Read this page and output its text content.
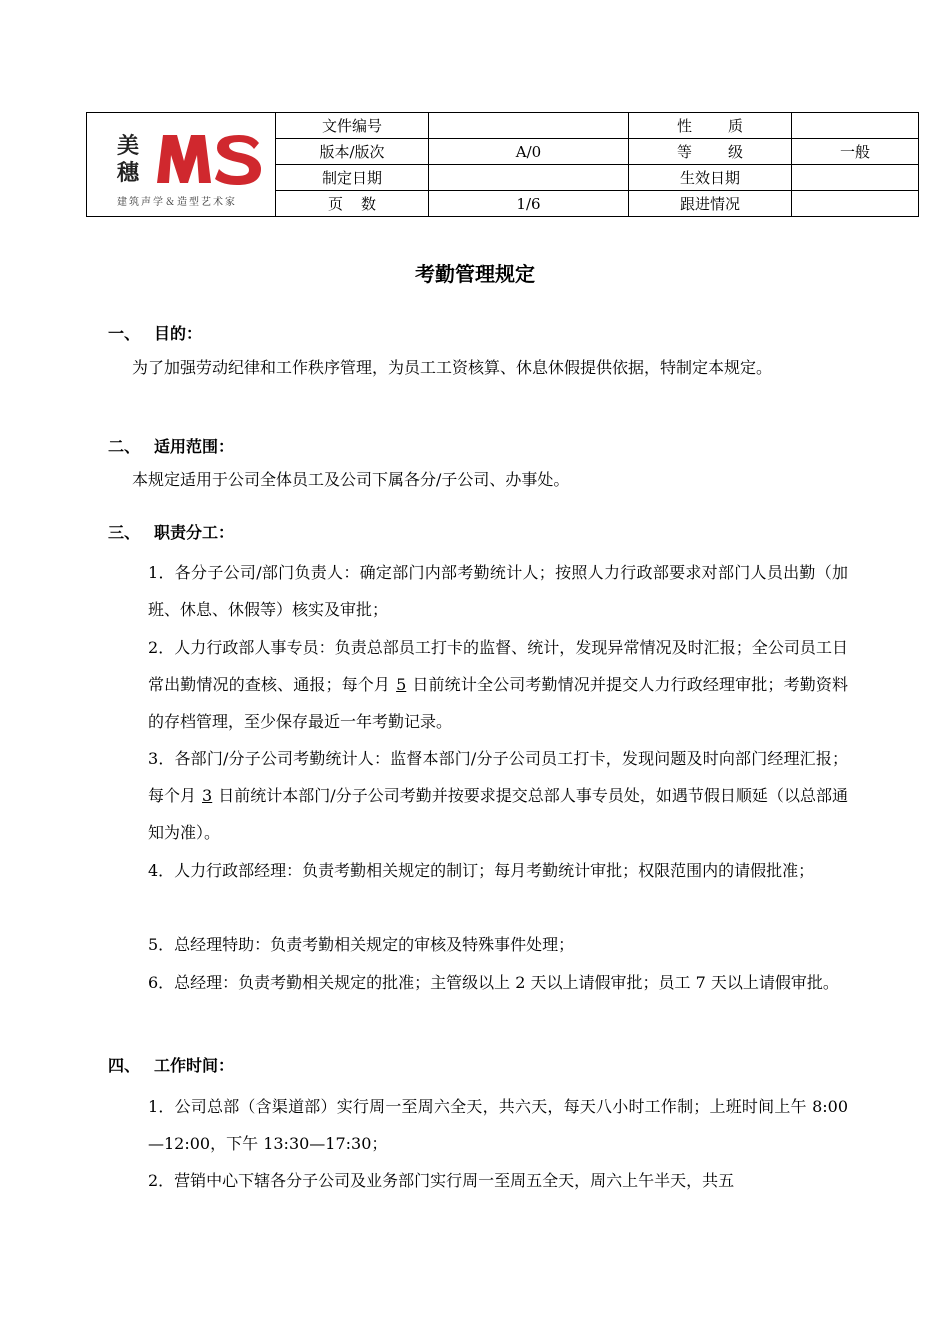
美
穗
建筑声学＆造型艺术家	文件编号		性质	
	版本/版次	A/0	等级	一般
	制定日期		生效日期	
	页数	1/6	跟进情况	
考勤管理规定
一、 目的：
为了加强劳动纪律和工作秩序管理，为员工工资核算、休息休假提供依据，特制定本规定。
二、 适用范围：
本规定适用于公司全体员工及公司下属各分/子公司、办事处。
三、 职责分工：
1．各分子公司/部门负责人：确定部门内部考勤统计人；按照人力行政部要求对部门人员出勤（加班、休息、休假等）核实及审批；
2．人力行政部人事专员：负责总部员工打卡的监督、统计，发现异常情况及时汇报；全公司员工日常出勤情况的查核、通报；每个月 5 日前统计全公司考勤情况并提交人力行政经理审批；考勤资料的存档管理，至少保存最近一年考勤记录。
3．各部门/分子公司考勤统计人：监督本部门/分子公司员工打卡，发现问题及时向部门经理汇报；每个月 3 日前统计本部门/分子公司考勤并按要求提交总部人事专员处，如遇节假日顺延（以总部通知为准）。
4．人力行政部经理：负责考勤相关规定的制订；每月考勤统计审批；权限范围内的请假批准；
5．总经理特助：负责考勤相关规定的审核及特殊事件处理；
6．总经理：负责考勤相关规定的批准；主管级以上 2 天以上请假审批；员工 7 天以上请假审批。
四、 工作时间：
1．公司总部（含渠道部）实行周一至周六全天，共六天，每天八小时工作制；上班时间上午 8:00—12:00，下午 13:30—17:30；
2．营销中心下辖各分子公司及业务部门实行周一至周五全天，周六上午半天，共五
